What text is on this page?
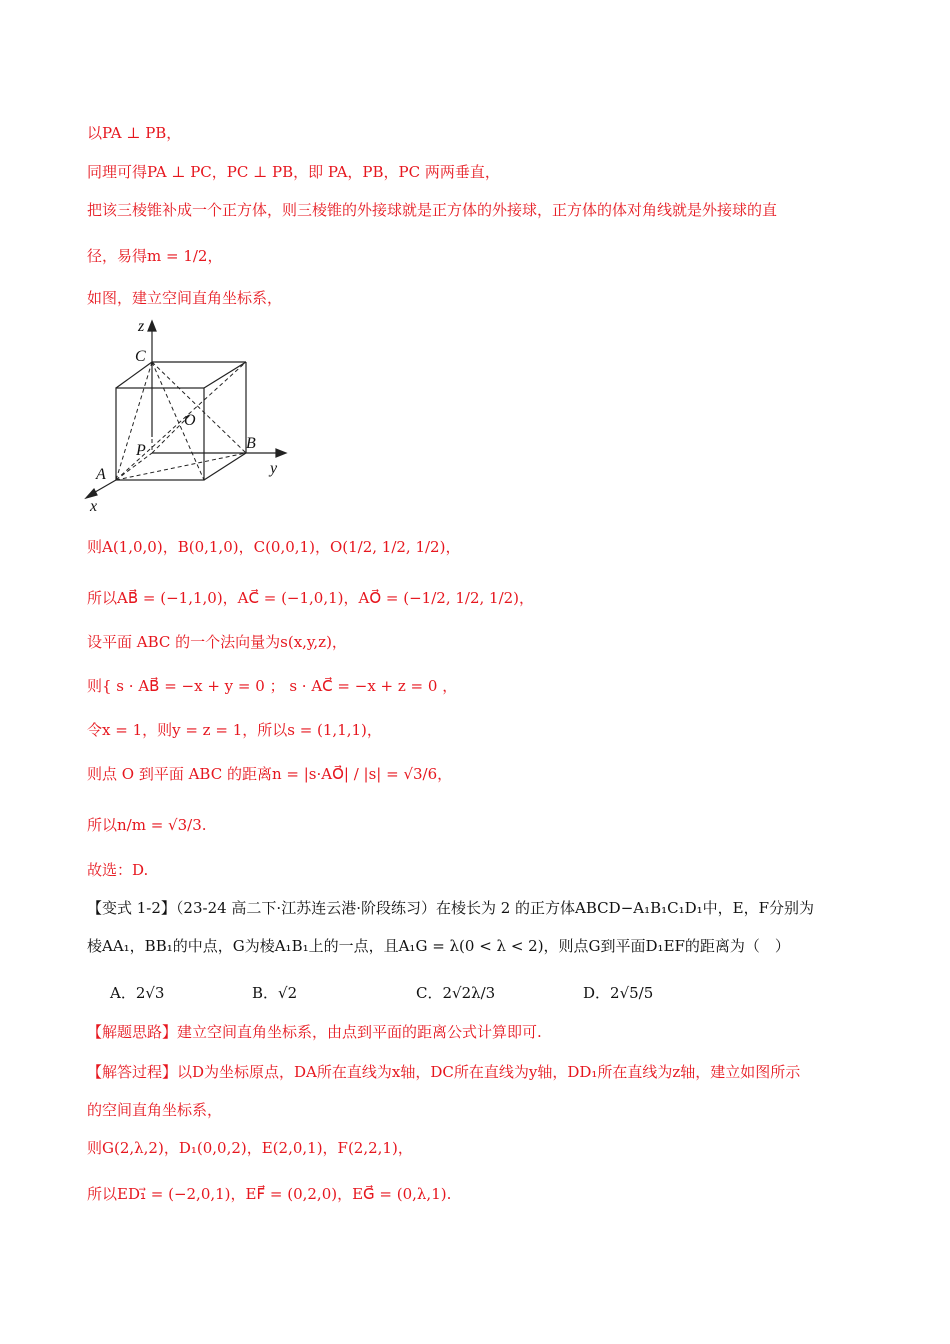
以PA ⊥ PB，
同理可得PA ⊥ PC，PC ⊥ PB，即 PA，PB，PC 两两垂直，
把该三棱锥补成一个正方体，则三棱锥的外接球就是正方体的外接球，正方体的体对角线就是外接球的直
径，易得m = 1/2，
如图，建立空间直角坐标系，
z
y
x
C
O
P	B
A
则A(1,0,0)，B(0,1,0)，C(0,0,1)，O(1/2, 1/2, 1/2)，
所以AB⃗ = (−1,1,0)，AC⃗ = (−1,0,1)，AO⃗ = (−1/2, 1/2, 1/2)，
设平面 ABC 的一个法向量为s(x,y,z)，
则{ s · AB⃗ = −x + y = 0 ； s · AC⃗ = −x + z = 0 ，
令x = 1，则y = z = 1，所以s = (1,1,1)，
则点 O 到平面 ABC 的距离n = |s·AO⃗| / |s| = √3/6，
所以n/m = √3/3.
故选：D.
【变式 1-2】（23-24 高二下·江苏连云港·阶段练习）在棱长为 2 的正方体ABCD−A₁B₁C₁D₁中，E，F分别为
棱AA₁，BB₁的中点，G为棱A₁B₁上的一点，且A₁G = λ(0 < λ < 2)，则点G到平面D₁EF的距离为（　）
A．2√3	B．√2	C．2√2λ/3	D．2√5/5
【解题思路】建立空间直角坐标系，由点到平面的距离公式计算即可.
【解答过程】以D为坐标原点，DA所在直线为x轴，DC所在直线为y轴，DD₁所在直线为z轴，建立如图所示
的空间直角坐标系，
则G(2,λ,2)，D₁(0,0,2)，E(2,0,1)，F(2,2,1)，
所以ED₁⃗ = (−2,0,1)，EF⃗ = (0,2,0)，EG⃗ = (0,λ,1).
